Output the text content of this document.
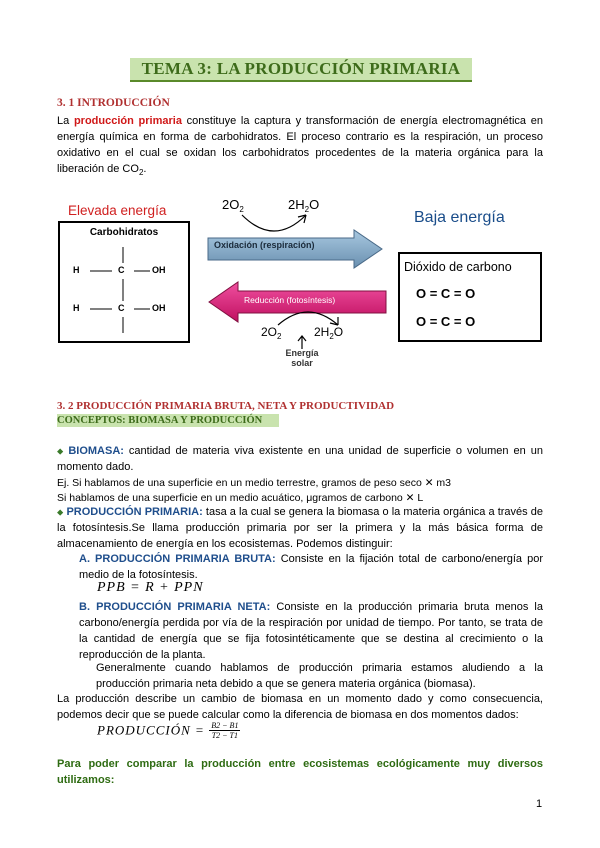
TEMA 3: LA PRODUCCIÓN PRIMARIA
3. 1 INTRODUCCIÓN
La producción primaria constituye la captura y transformación de energía electromagnética en energía química en forma de carbohidratos. El proceso contrario es la respiración, un proceso oxidativo en el cual se oxidan los carbohidratos procedentes de la materia orgánica para la liberación de $CO_2$.
Elevada energía
Carbohidratos
H	C	OH
H	C	OH
$2O_2$	$2H_2O$
Oxidación (respiración)
Reducción (fotosíntesis)
$2O_2$	$2H_2O$
Energía
solar
Baja energía
Dióxido de carbono
O = C = O
O = C = O
3. 2 PRODUCCIÓN PRIMARIA BRUTA, NETA Y PRODUCTIVIDAD
CONCEPTOS: BIOMASA Y PRODUCCIÓN
⬥ BIOMASA: cantidad de materia viva existente en una unidad de superficie o volumen en un momento dado.
Ej. Si hablamos de una superficie en un medio terrestre, gramos de peso seco ✕ m3
Si hablamos de una superficie en un medio acuático, μgramos de carbono ✕ L
⬥ PRODUCCIÓN PRIMARIA: tasa a la cual se genera la biomasa o la materia orgánica a través de la fotosíntesis.Se llama producción primaria por ser la primera y la más básica forma de almacenamiento de energía en los ecosistemas. Podemos distinguir:
A. PRODUCCIÓN PRIMARIA BRUTA: Consiste en la fijación total de carbono/energía por medio de la fotosíntesis.
PPB = R + PPN
B. PRODUCCIÓN PRIMARIA NETA: Consiste en la producción primaria bruta menos la carbono/energía perdida por vía de la respiración por unidad de tiempo. Por tanto, se trata de la cantidad de energía que se fija fotosintéticamente que se destina al crecimiento o la reproducción de la planta.
Generalmente cuando hablamos de producción primaria estamos aludiendo a la producción primaria neta debido a que se genera materia orgánica (biomasa).
La producción describe un cambio de biomasa en un momento dado y como consecuencia, podemos decir que se puede calcular como la diferencia de biomasa en dos momentos dados:
PRODUCCIÓN = $\frac{B2 - B1}{T2 - T1}$
Para poder comparar la producción entre ecosistemas ecológicamente muy diversos utilizamos:
1
